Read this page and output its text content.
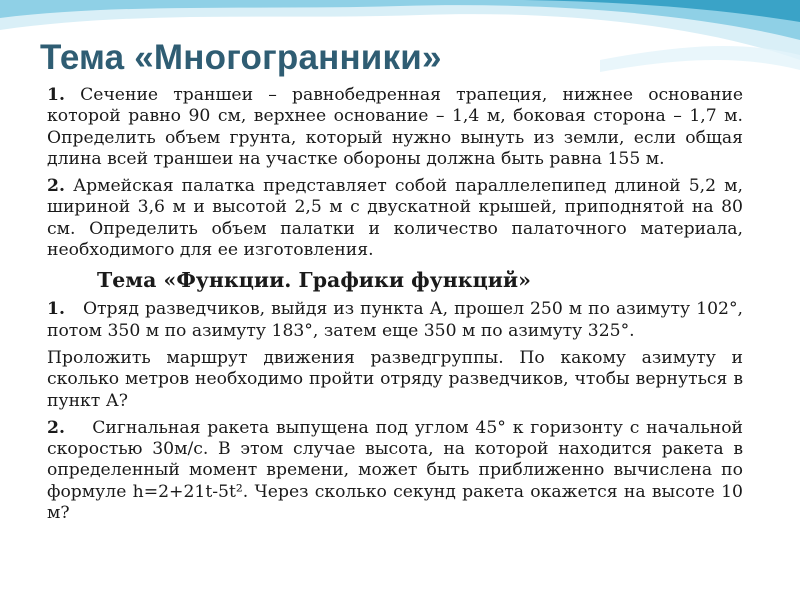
Тема «Многогранники»

1. Сечение траншеи – равнобедренная трапеция, нижнее основание которой равно 90 см, верхнее основание – 1,4 м, боковая сторона – 1,7 м. Определить объем грунта, который нужно вынуть из земли, если общая длина всей траншеи на участке обороны должна быть равна 155 м.

2. Армейская палатка представляет собой параллелепипед длиной 5,2 м, шириной 3,6 м и высотой 2,5 м с двускатной крышей, приподнятой на 80 см. Определить объем палатки и количество палаточного материала, необходимого для ее изготовления.

Тема «Функции. Графики функций»

1. Отряд разведчиков, выйдя из пункта А, прошел 250 м по азимуту 102°, потом 350 м по азимуту 183°, затем еще 350 м по азимуту 325°.

Проложить маршрут движения разведгруппы. По какому азимуту и сколько метров необходимо пройти отряду разведчиков, чтобы вернуться в пункт А?

2. Сигнальная ракета выпущена под углом 45° к горизонту с начальной скоростью 30м/с. В этом случае высота, на которой находится ракета в определенный момент времени, может быть приближенно вычислена по формуле h=2+21t-5t². Через сколько секунд ракета окажется на высоте 10 м?
